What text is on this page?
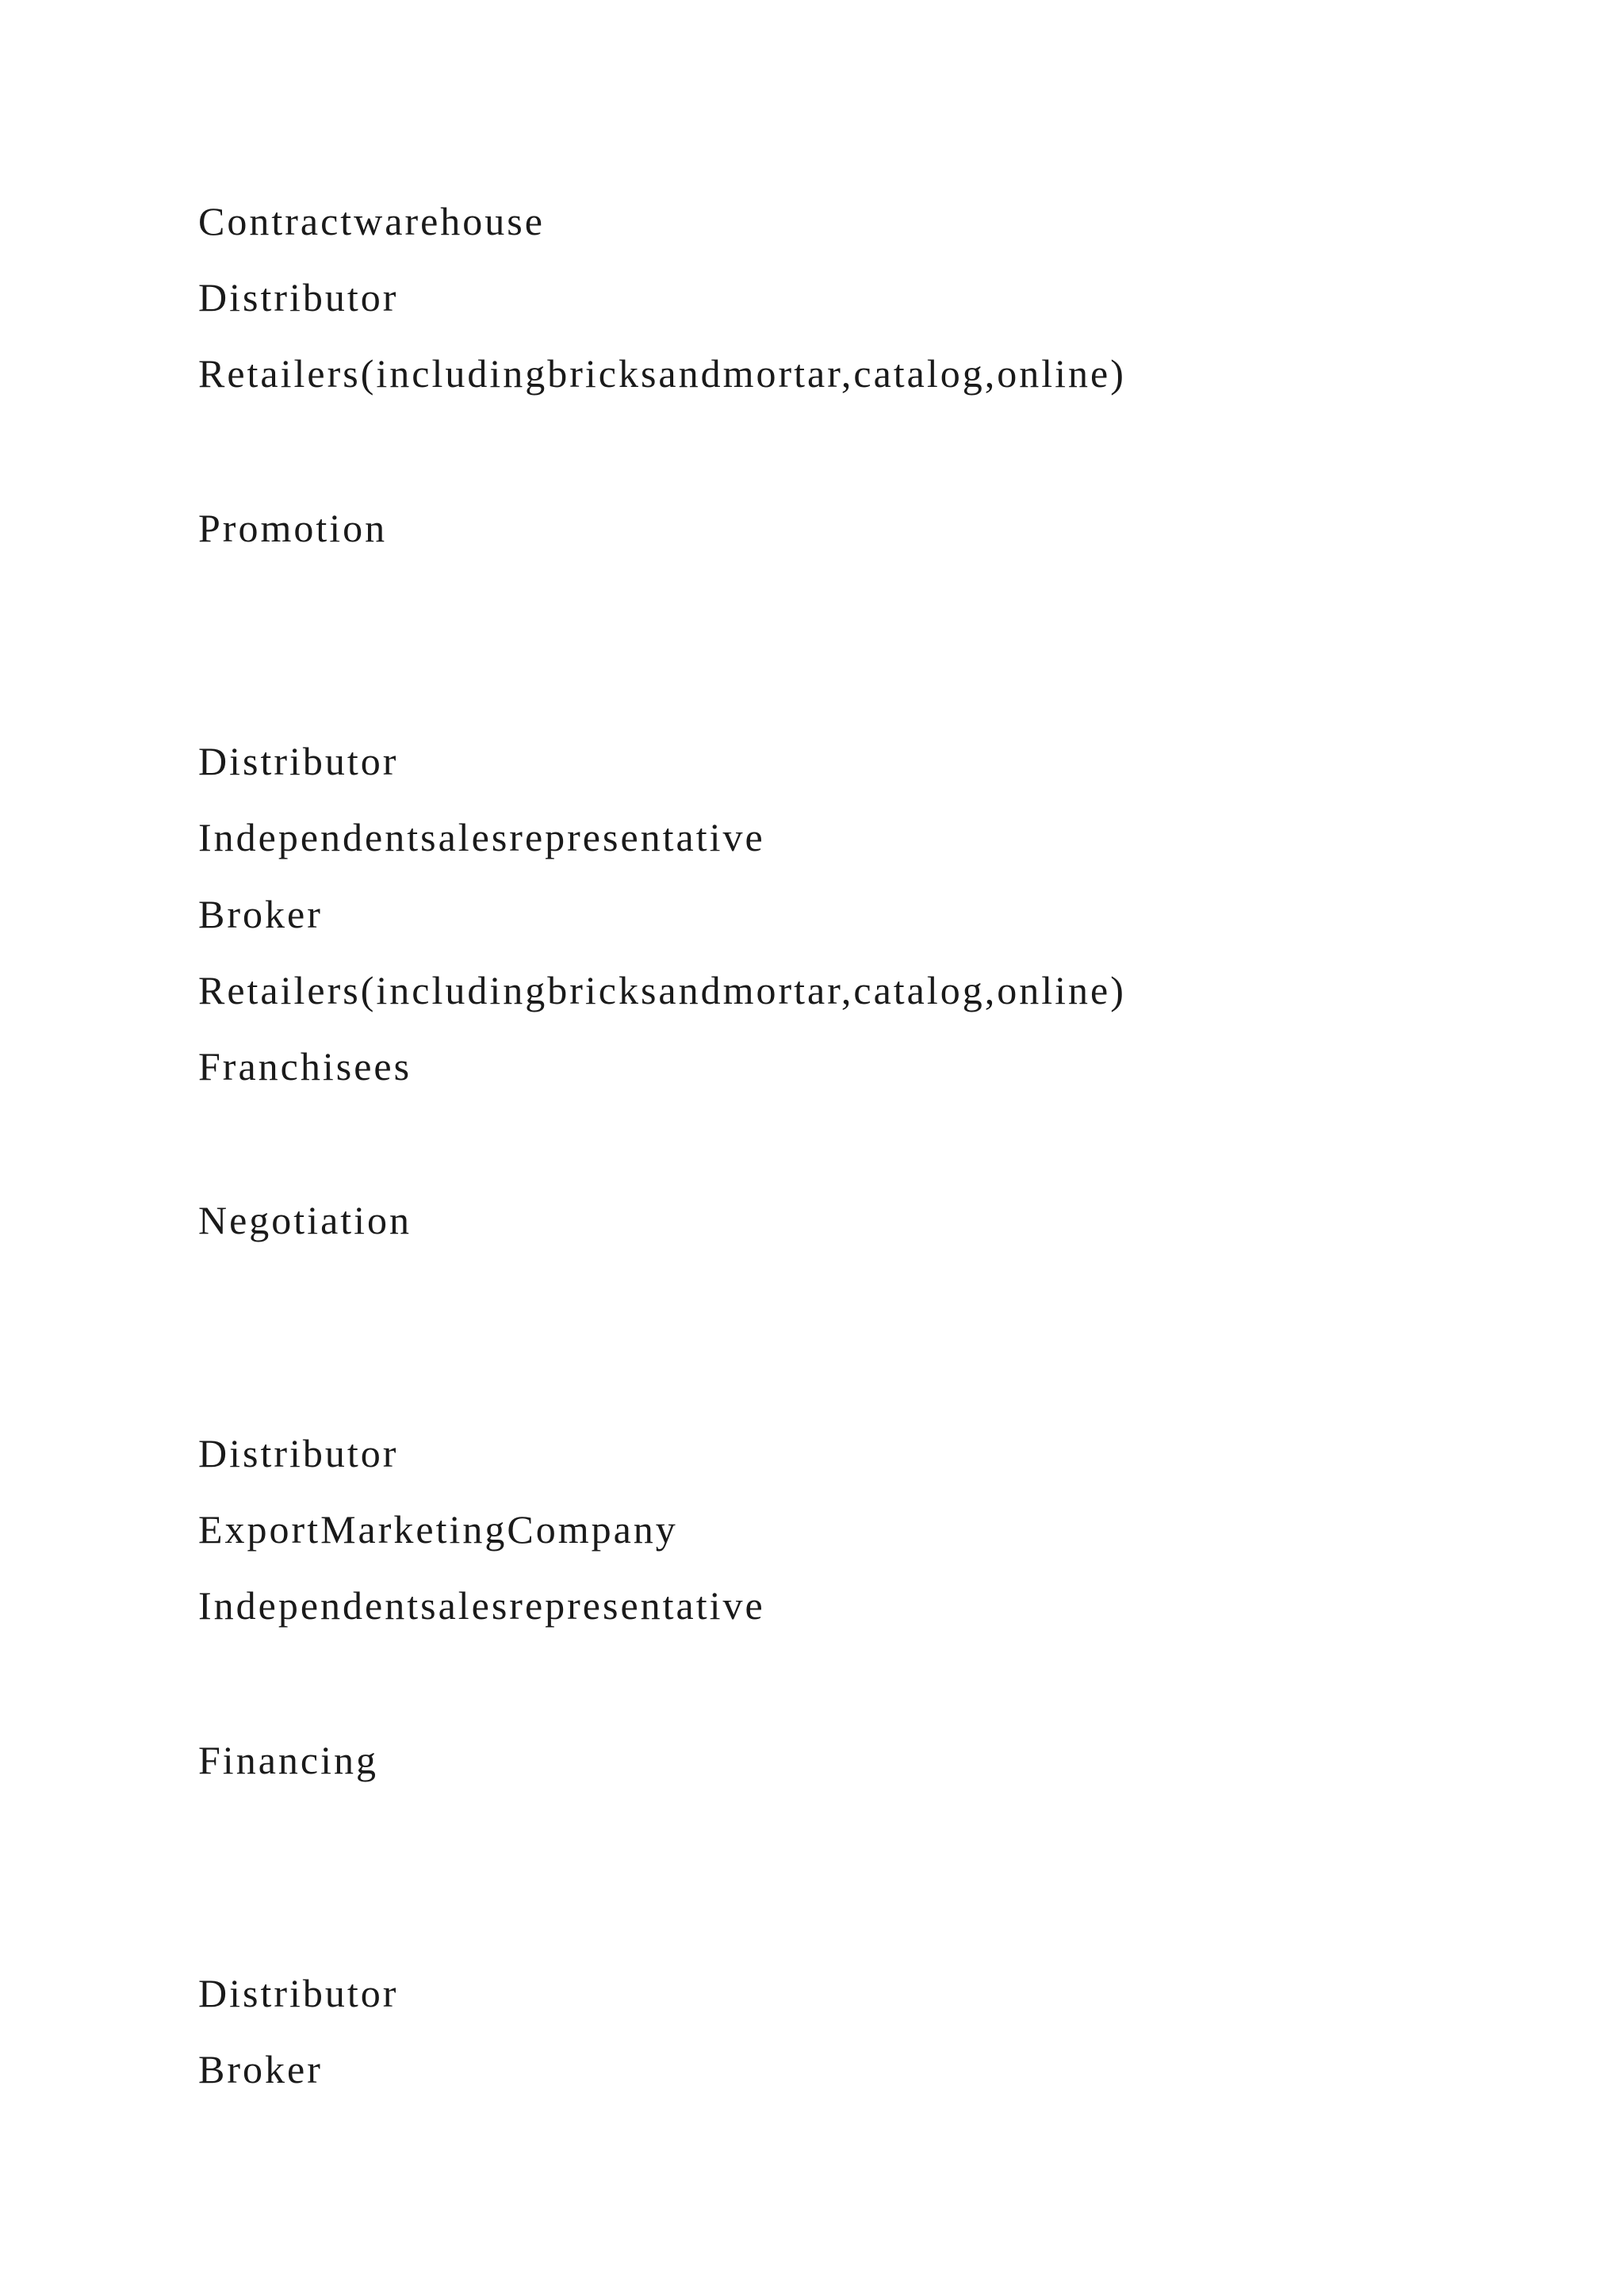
Contractwarehouse
Distributor
Retailers(includingbricksandmortar,catalog,online)
Promotion
Distributor
Independentsalesrepresentative
Broker
Retailers(includingbricksandmortar,catalog,online)
Franchisees
Negotiation
Distributor
ExportMarketingCompany
Independentsalesrepresentative
Financing
Distributor
Broker
